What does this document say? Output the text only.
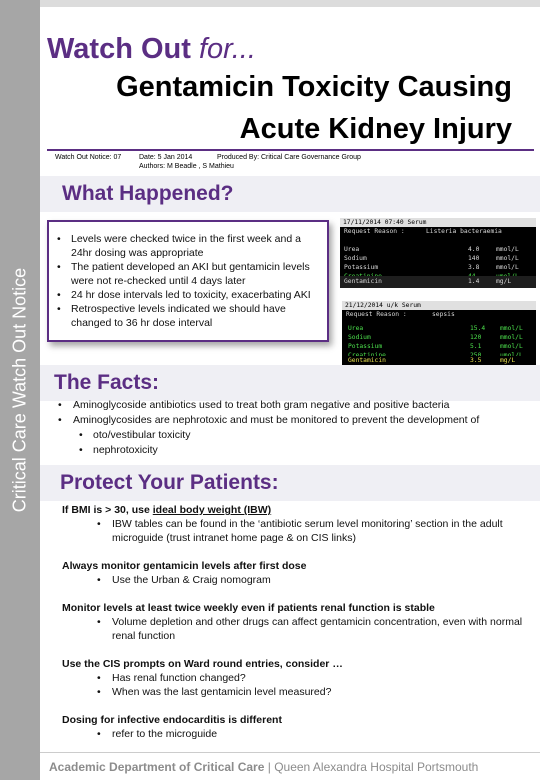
Critical Care Watch Out Notice
Watch Out for...
Gentamicin Toxicity Causing
Acute Kidney Injury
Watch Out Notice: 07	Date: 5 Jan 2014	Produced By: Critical Care Governance Group
Authors: M Beadle , S Mathieu
What Happened?
• Levels were checked twice in the first week and a 24hr dosing was appropriate
• The patient developed an AKI but gentamicin levels were not re-checked until 4 days later
• 24 hr dose intervals led to toxicity, exacerbating AKI
• Retrospective levels indicated we should have changed to 36 hr dose interval
17/11/2014 07:40 Serum
Request Reason :	Listeria bacteraemia
Urea	4.0	mmol/L
Sodium	140	mmol/L
Potassium	3.8	mmol/L
Gentamicin	1.4	mg/L
21/12/2014 u/k Serum
Request Reason :	sepsis
Urea	15.4 mmol/L
Sodium	120	mmol/L
Potassium	5.1	mmol/L
Gentamicin	3.5	mg/L
The Facts:
• Aminoglycoside antibiotics used to treat both gram negative and positive bacteria
• Aminoglycosides are nephrotoxic and must be monitored to prevent the development of
• oto/vestibular toxicity
• nephrotoxicity
Protect Your Patients:
If BMI is > 30, use ideal body weight (IBW)
• IBW tables can be found in the ‘antibiotic serum level monitoring’ section in the adult microguide (trust intranet home page & on CIS links)
Always monitor gentamicin levels after first dose
• Use the Urban & Craig nomogram
Monitor levels at least twice weekly even if patients renal function is stable
• Volume depletion and other drugs can affect gentamicin concentration, even with normal renal function
Use the CIS prompts on Ward round entries, consider …
• Has renal function changed?
• When was the last gentamicin level measured?
Dosing for infective endocarditis is different
• refer to the microguide
Academic Department of Critical Care | Queen Alexandra Hospital Portsmouth
